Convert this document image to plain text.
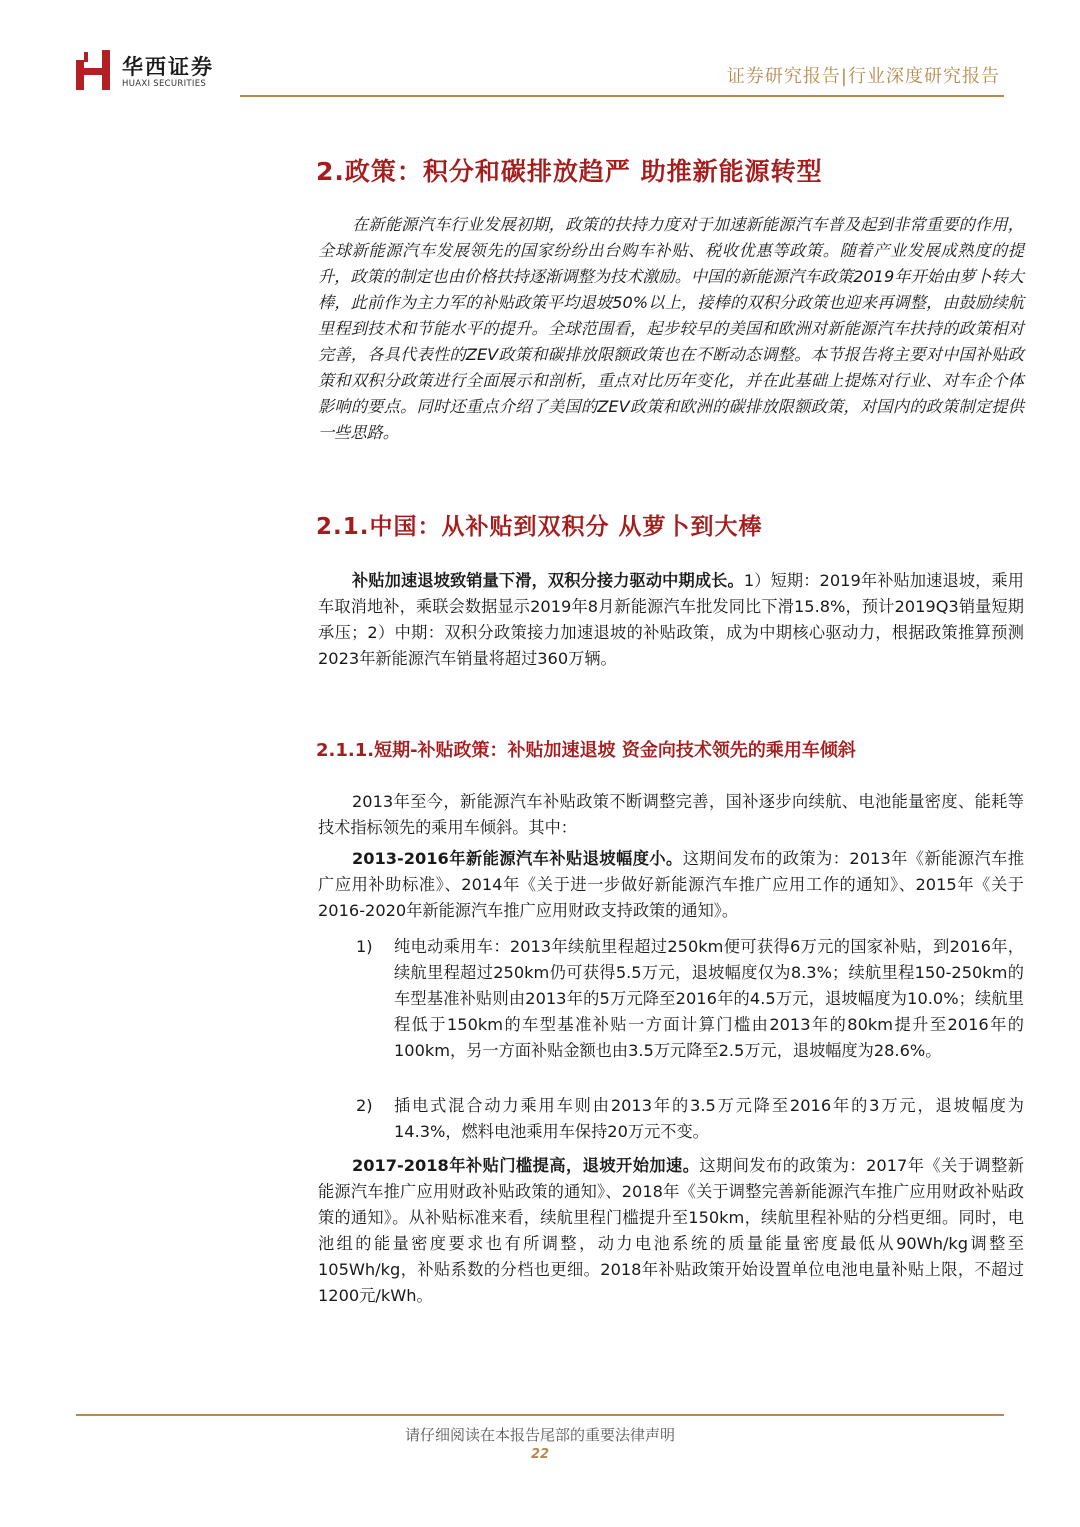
华西证券
HUAXI SECURITIES	证券研究报告|行业深度研究报告
2.政策：积分和碳排放趋严 助推新能源转型
在新能源汽车行业发展初期，政策的扶持力度对于加速新能源汽车普及起到非常重要的作用，全球新能源汽车发展领先的国家纷纷出台购车补贴、税收优惠等政策。随着产业发展成熟度的提升，政策的制定也由价格扶持逐渐调整为技术激励。中国的新能源汽车政策2019年开始由萝卜转大棒，此前作为主力军的补贴政策平均退坡50%以上，接棒的双积分政策也迎来再调整，由鼓励续航里程到技术和节能水平的提升。全球范围看，起步较早的美国和欧洲对新能源汽车扶持的政策相对完善，各具代表性的ZEV政策和碳排放限额政策也在不断动态调整。本节报告将主要对中国补贴政策和双积分政策进行全面展示和剖析，重点对比历年变化，并在此基础上提炼对行业、对车企个体影响的要点。同时还重点介绍了美国的ZEV政策和欧洲的碳排放限额政策，对国内的政策制定提供一些思路。
2.1.中国：从补贴到双积分 从萝卜到大棒
补贴加速退坡致销量下滑，双积分接力驱动中期成长。1）短期：2019年补贴加速退坡，乘用车取消地补，乘联会数据显示2019年8月新能源汽车批发同比下滑15.8%，预计2019Q3销量短期承压；2）中期：双积分政策接力加速退坡的补贴政策，成为中期核心驱动力，根据政策推算预测2023年新能源汽车销量将超过360万辆。
2.1.1.短期-补贴政策：补贴加速退坡 资金向技术领先的乘用车倾斜
2013年至今，新能源汽车补贴政策不断调整完善，国补逐步向续航、电池能量密度、能耗等技术指标领先的乘用车倾斜。其中：
2013-2016年新能源汽车补贴退坡幅度小。这期间发布的政策为：2013年《新能源汽车推广应用补助标准》、2014年《关于进一步做好新能源汽车推广应用工作的通知》、2015年《关于2016-2020年新能源汽车推广应用财政支持政策的通知》。
1) 纯电动乘用车：2013年续航里程超过250km便可获得6万元的国家补贴，到2016年，续航里程超过250km仍可获得5.5万元，退坡幅度仅为8.3%；续航里程150-250km的车型基准补贴则由2013年的5万元降至2016年的4.5万元，退坡幅度为10.0%；续航里程低于150km的车型基准补贴一方面计算门槛由2013年的80km提升至2016年的100km，另一方面补贴金额也由3.5万元降至2.5万元，退坡幅度为28.6%。
2) 插电式混合动力乘用车则由2013年的3.5万元降至2016年的3万元，退坡幅度为14.3%，燃料电池乘用车保持20万元不变。
2017-2018年补贴门槛提高，退坡开始加速。这期间发布的政策为：2017年《关于调整新能源汽车推广应用财政补贴政策的通知》、2018年《关于调整完善新能源汽车推广应用财政补贴政策的通知》。从补贴标准来看，续航里程门槛提升至150km，续航里程补贴的分档更细。同时，电池组的能量密度要求也有所调整，动力电池系统的质量能量密度最低从90Wh/kg调整至105Wh/kg，补贴系数的分档也更细。2018年补贴政策开始设置单位电池电量补贴上限，不超过1200元/kWh。
请仔细阅读在本报告尾部的重要法律声明
22
